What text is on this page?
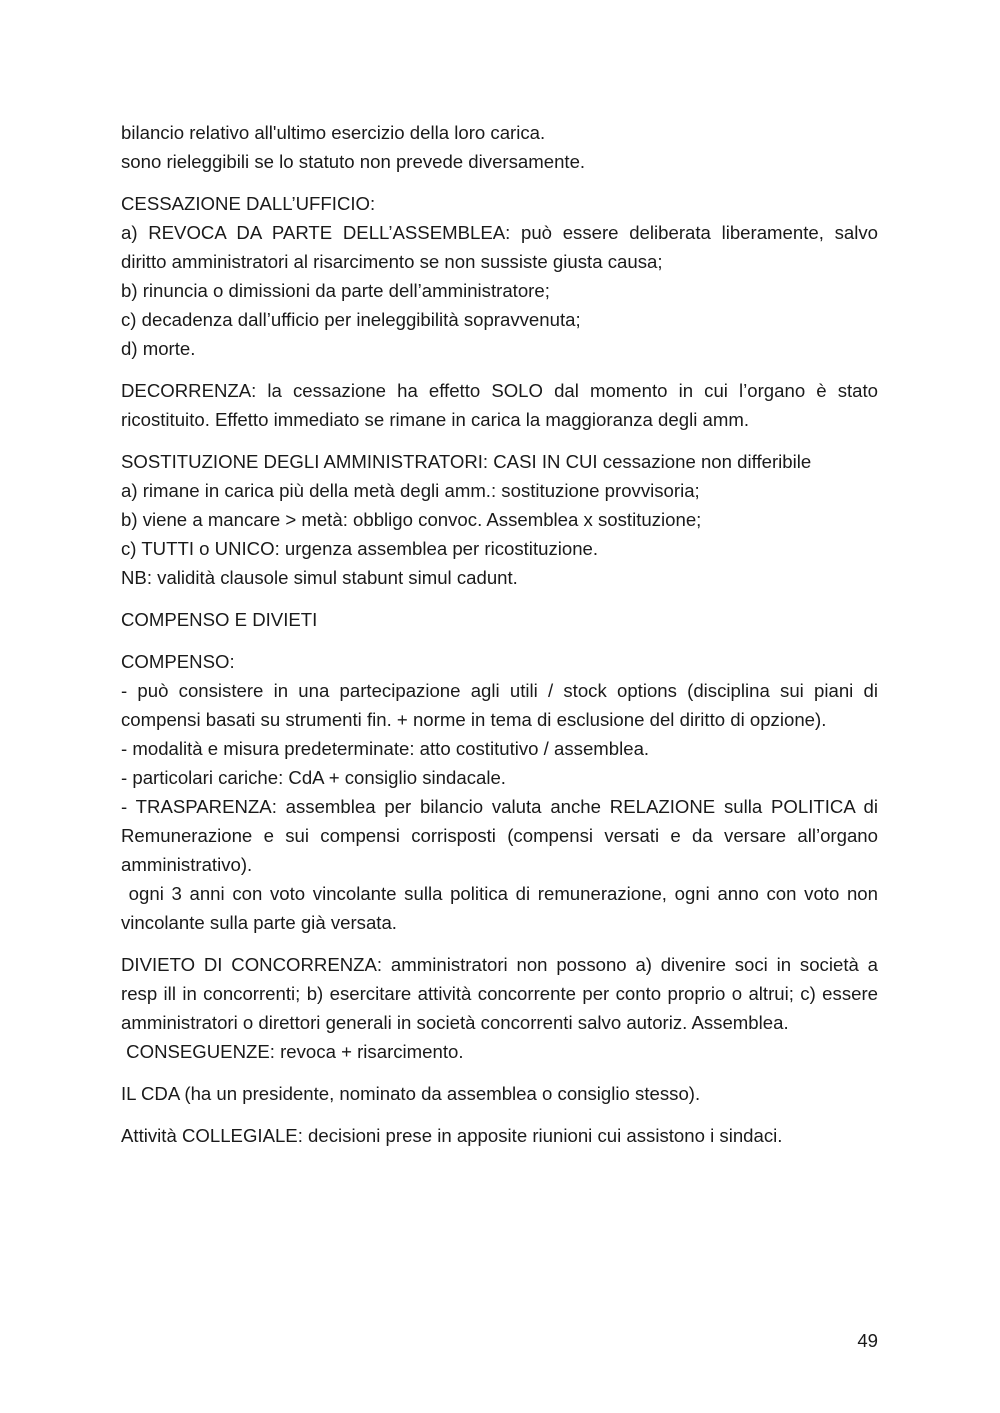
bilancio relativo all'ultimo esercizio della loro carica.
sono rieleggibili se lo statuto non prevede diversamente.
CESSAZIONE DALL’UFFICIO:
a) REVOCA DA PARTE DELL’ASSEMBLEA: può essere deliberata liberamente, salvo diritto amministratori al risarcimento se non sussiste giusta causa;
b) rinuncia o dimissioni da parte dell’amministratore;
c) decadenza dall’ufficio per ineleggibilità sopravvenuta;
d) morte.
DECORRENZA: la cessazione ha effetto SOLO dal momento in cui l’organo è stato ricostituito. Effetto immediato se rimane in carica la maggioranza degli amm.
SOSTITUZIONE DEGLI AMMINISTRATORI: CASI IN CUI cessazione non differibile
a) rimane in carica più della metà degli amm.: sostituzione provvisoria;
b) viene a mancare > metà: obbligo convoc. Assemblea x sostituzione;
c) TUTTI o UNICO: urgenza assemblea per ricostituzione.
NB: validità clausole simul stabunt simul cadunt.
COMPENSO E DIVIETI
COMPENSO:
- può consistere in una partecipazione agli utili / stock options (disciplina sui piani di compensi basati su strumenti fin. + norme in tema di esclusione del diritto di opzione).
- modalità e misura predeterminate: atto costitutivo / assemblea.
- particolari cariche: CdA + consiglio sindacale.
- TRASPARENZA: assemblea per bilancio valuta anche RELAZIONE sulla POLITICA di Remunerazione e sui compensi corrisposti (compensi versati e da versare all’organo amministrativo).
ogni 3 anni con voto vincolante sulla politica di remunerazione, ogni anno con voto non vincolante sulla parte già versata.
DIVIETO DI CONCORRENZA: amministratori non possono a) divenire soci in società a resp ill in concorrenti; b) esercitare attività concorrente per conto proprio o altrui; c) essere amministratori o direttori generali in società concorrenti salvo autoriz. Assemblea.
CONSEGUENZE: revoca + risarcimento.
IL CDA (ha un presidente, nominato da assemblea o consiglio stesso).
Attività COLLEGIALE: decisioni prese in apposite riunioni cui assistono i sindaci.
49
